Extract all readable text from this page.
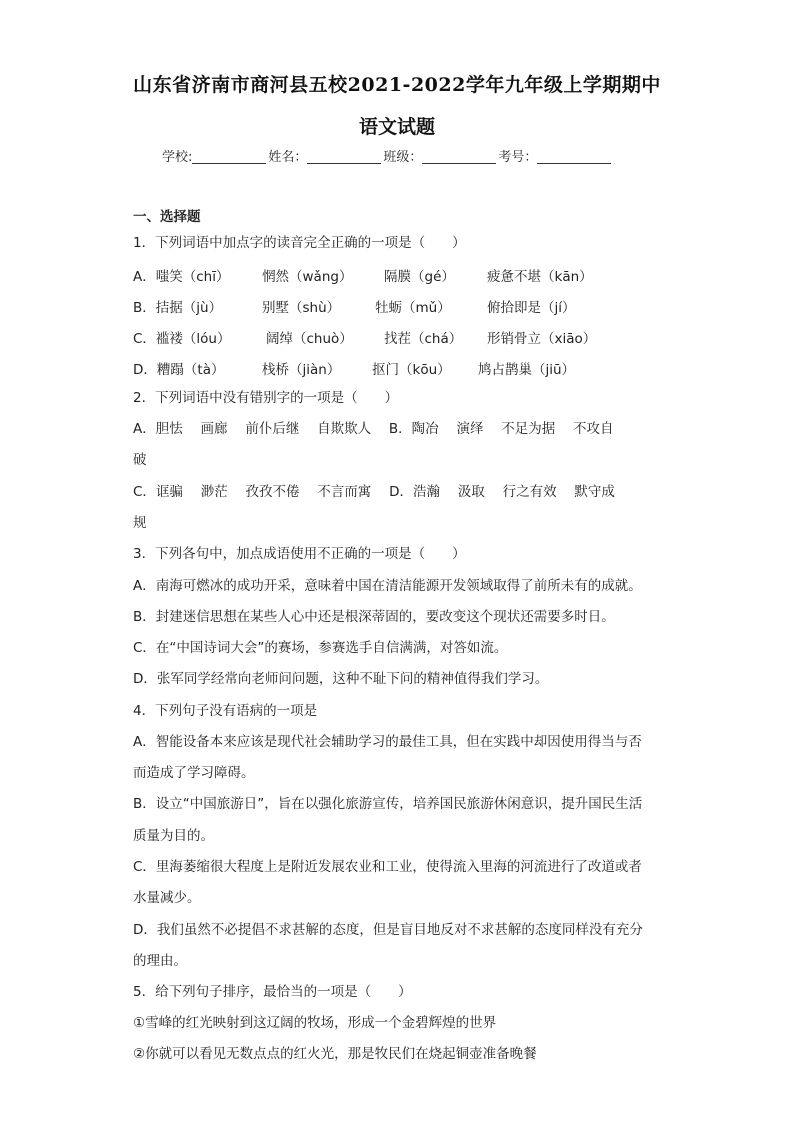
山东省济南市商河县五校2021-2022学年九年级上学期期中
语文试题
学校:	姓名：	班级：	考号：
一、选择题
1．下列词语中加点字的读音完全正确的一项是（　　）
A．嗤笑（chī） 惘然（wǎng） 隔膜（gé） 疲惫不堪（kān）
B．拮据（jù）	别墅（shù）	牡蛎（mǔ）	俯拾即是（jí）
C．褴褛（lóu）	阔绰（chuò） 找茬（chá） 形销骨立（xiāo）
D．糟蹋（tà）	栈桥（jiàn） 抠门（kōu） 鸠占鹊巢（jiū）
2．下列词语中没有错别字的一项是（　　）
A．胆怯　 画廊　 前仆后继　 自欺欺人　 B．陶冶　 演绎　 不足为据　 不攻自
破
C．诓骗　 渺茫　 孜孜不倦　 不言而寓　 D．浩瀚　 汲取　 行之有效　 默守成
规
3．下列各句中，加点成语使用不正确的一项是（　　）
A．南海可燃冰的成功开采，意味着中国在清洁能源开发领域取得了前所未有的成就。
B．封建迷信思想在某些人心中还是根深蒂固的，要改变这个现状还需要多时日。
C．在“中国诗词大会”的赛场，参赛选手自信满满，对答如流。
D．张军同学经常向老师问问题，这种不耻下问的精神值得我们学习。
4．下列句子没有语病的一项是
A．智能设备本来应该是现代社会辅助学习的最佳工具，但在实践中却因使用得当与否
而造成了学习障碍。
B．设立“中国旅游日”，旨在以强化旅游宣传，培养国民旅游休闲意识，提升国民生活
质量为目的。
C．里海萎缩很大程度上是附近发展农业和工业，使得流入里海的河流进行了改道或者
水量减少。
D．我们虽然不必提倡不求甚解的态度，但是盲目地反对不求甚解的态度同样没有充分
的理由。
5．给下列句子排序，最恰当的一项是（　　）
①雪峰的红光映射到这辽阔的牧场，形成一个金碧辉煌的世界
②你就可以看见无数点点的红火光，那是牧民们在烧起铜壶准备晚餐
